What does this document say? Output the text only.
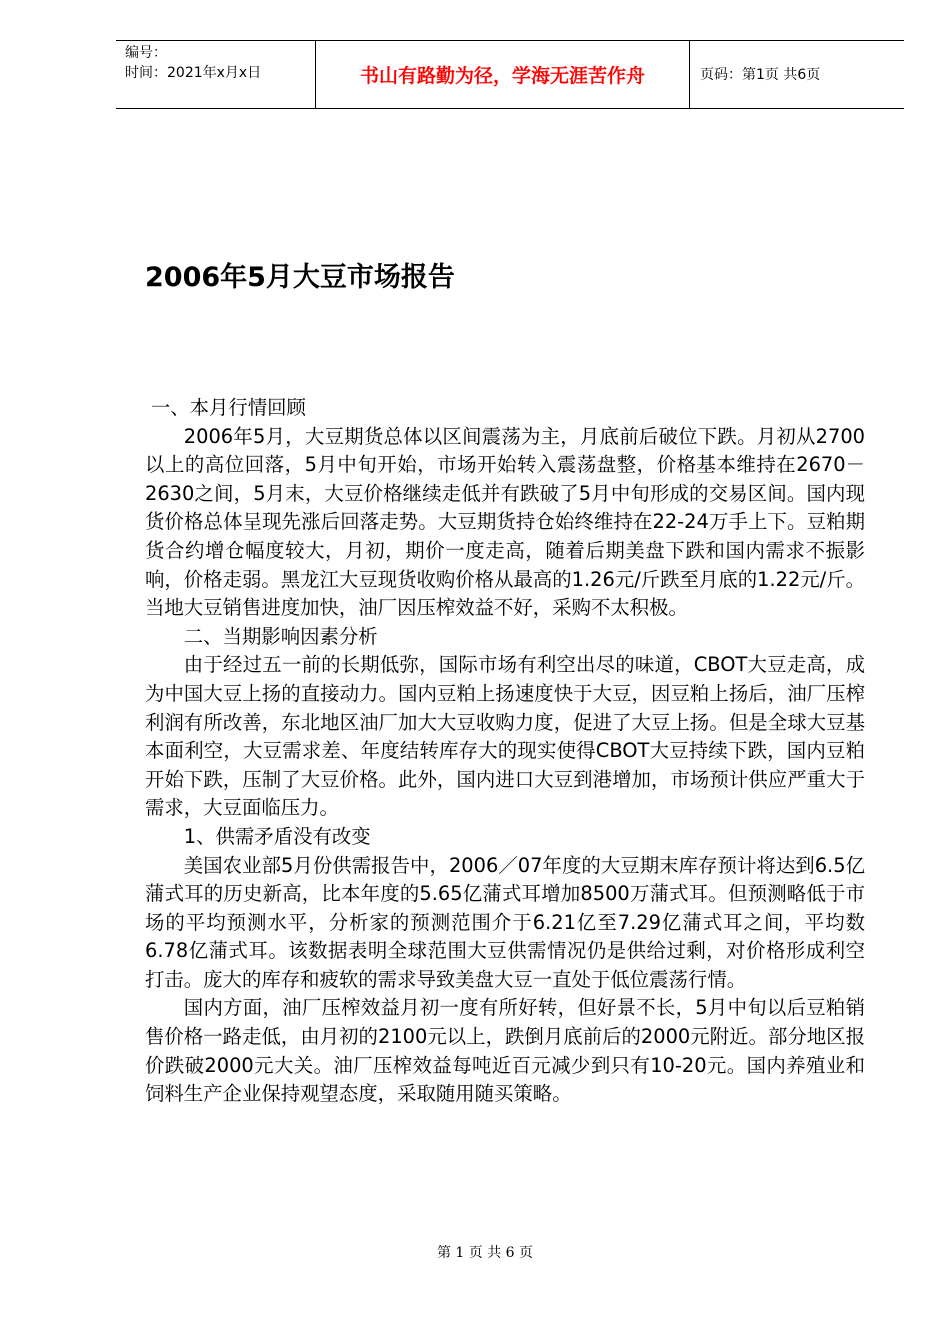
编号：
时间：2021年x月x日	书山有路勤为径，学海无涯苦作舟	页码：第1页 共6页
2006年5月大豆市场报告

一、本月行情回顾

2006年5月，大豆期货总体以区间震荡为主，月底前后破位下跌。月初从2700以上的高位回落，5月中旬开始，市场开始转入震荡盘整，价格基本维持在2670－2630之间，5月末，大豆价格继续走低并有跌破了5月中旬形成的交易区间。国内现货价格总体呈现先涨后回落走势。大豆期货持仓始终维持在22-24万手上下。豆粕期货合约增仓幅度较大，月初，期价一度走高，随着后期美盘下跌和国内需求不振影响，价格走弱。黑龙江大豆现货收购价格从最高的1.26元/斤跌至月底的1.22元/斤。当地大豆销售进度加快，油厂因压榨效益不好，采购不太积极。

二、当期影响因素分析

由于经过五一前的长期低弥，国际市场有利空出尽的味道，CBOT大豆走高，成为中国大豆上扬的直接动力。国内豆粕上扬速度快于大豆，因豆粕上扬后，油厂压榨利润有所改善，东北地区油厂加大大豆收购力度，促进了大豆上扬。但是全球大豆基本面利空，大豆需求差、年度结转库存大的现实使得CBOT大豆持续下跌，国内豆粕开始下跌，压制了大豆价格。此外，国内进口大豆到港增加，市场预计供应严重大于需求，大豆面临压力。

1、供需矛盾没有改变

美国农业部5月份供需报告中，2006／07年度的大豆期末库存预计将达到6.5亿蒲式耳的历史新高，比本年度的5.65亿蒲式耳增加8500万蒲式耳。但预测略低于市场的平均预测水平，分析家的预测范围介于6.21亿至7.29亿蒲式耳之间，平均数6.78亿蒲式耳。该数据表明全球范围大豆供需情况仍是供给过剩，对价格形成利空打击。庞大的库存和疲软的需求导致美盘大豆一直处于低位震荡行情。

国内方面，油厂压榨效益月初一度有所好转，但好景不长，5月中旬以后豆粕销售价格一路走低，由月初的2100元以上，跌倒月底前后的2000元附近。部分地区报价跌破2000元大关。油厂压榨效益每吨近百元减少到只有10-20元。国内养殖业和饲料生产企业保持观望态度，采取随用随买策略。

第 1 页 共 6 页
